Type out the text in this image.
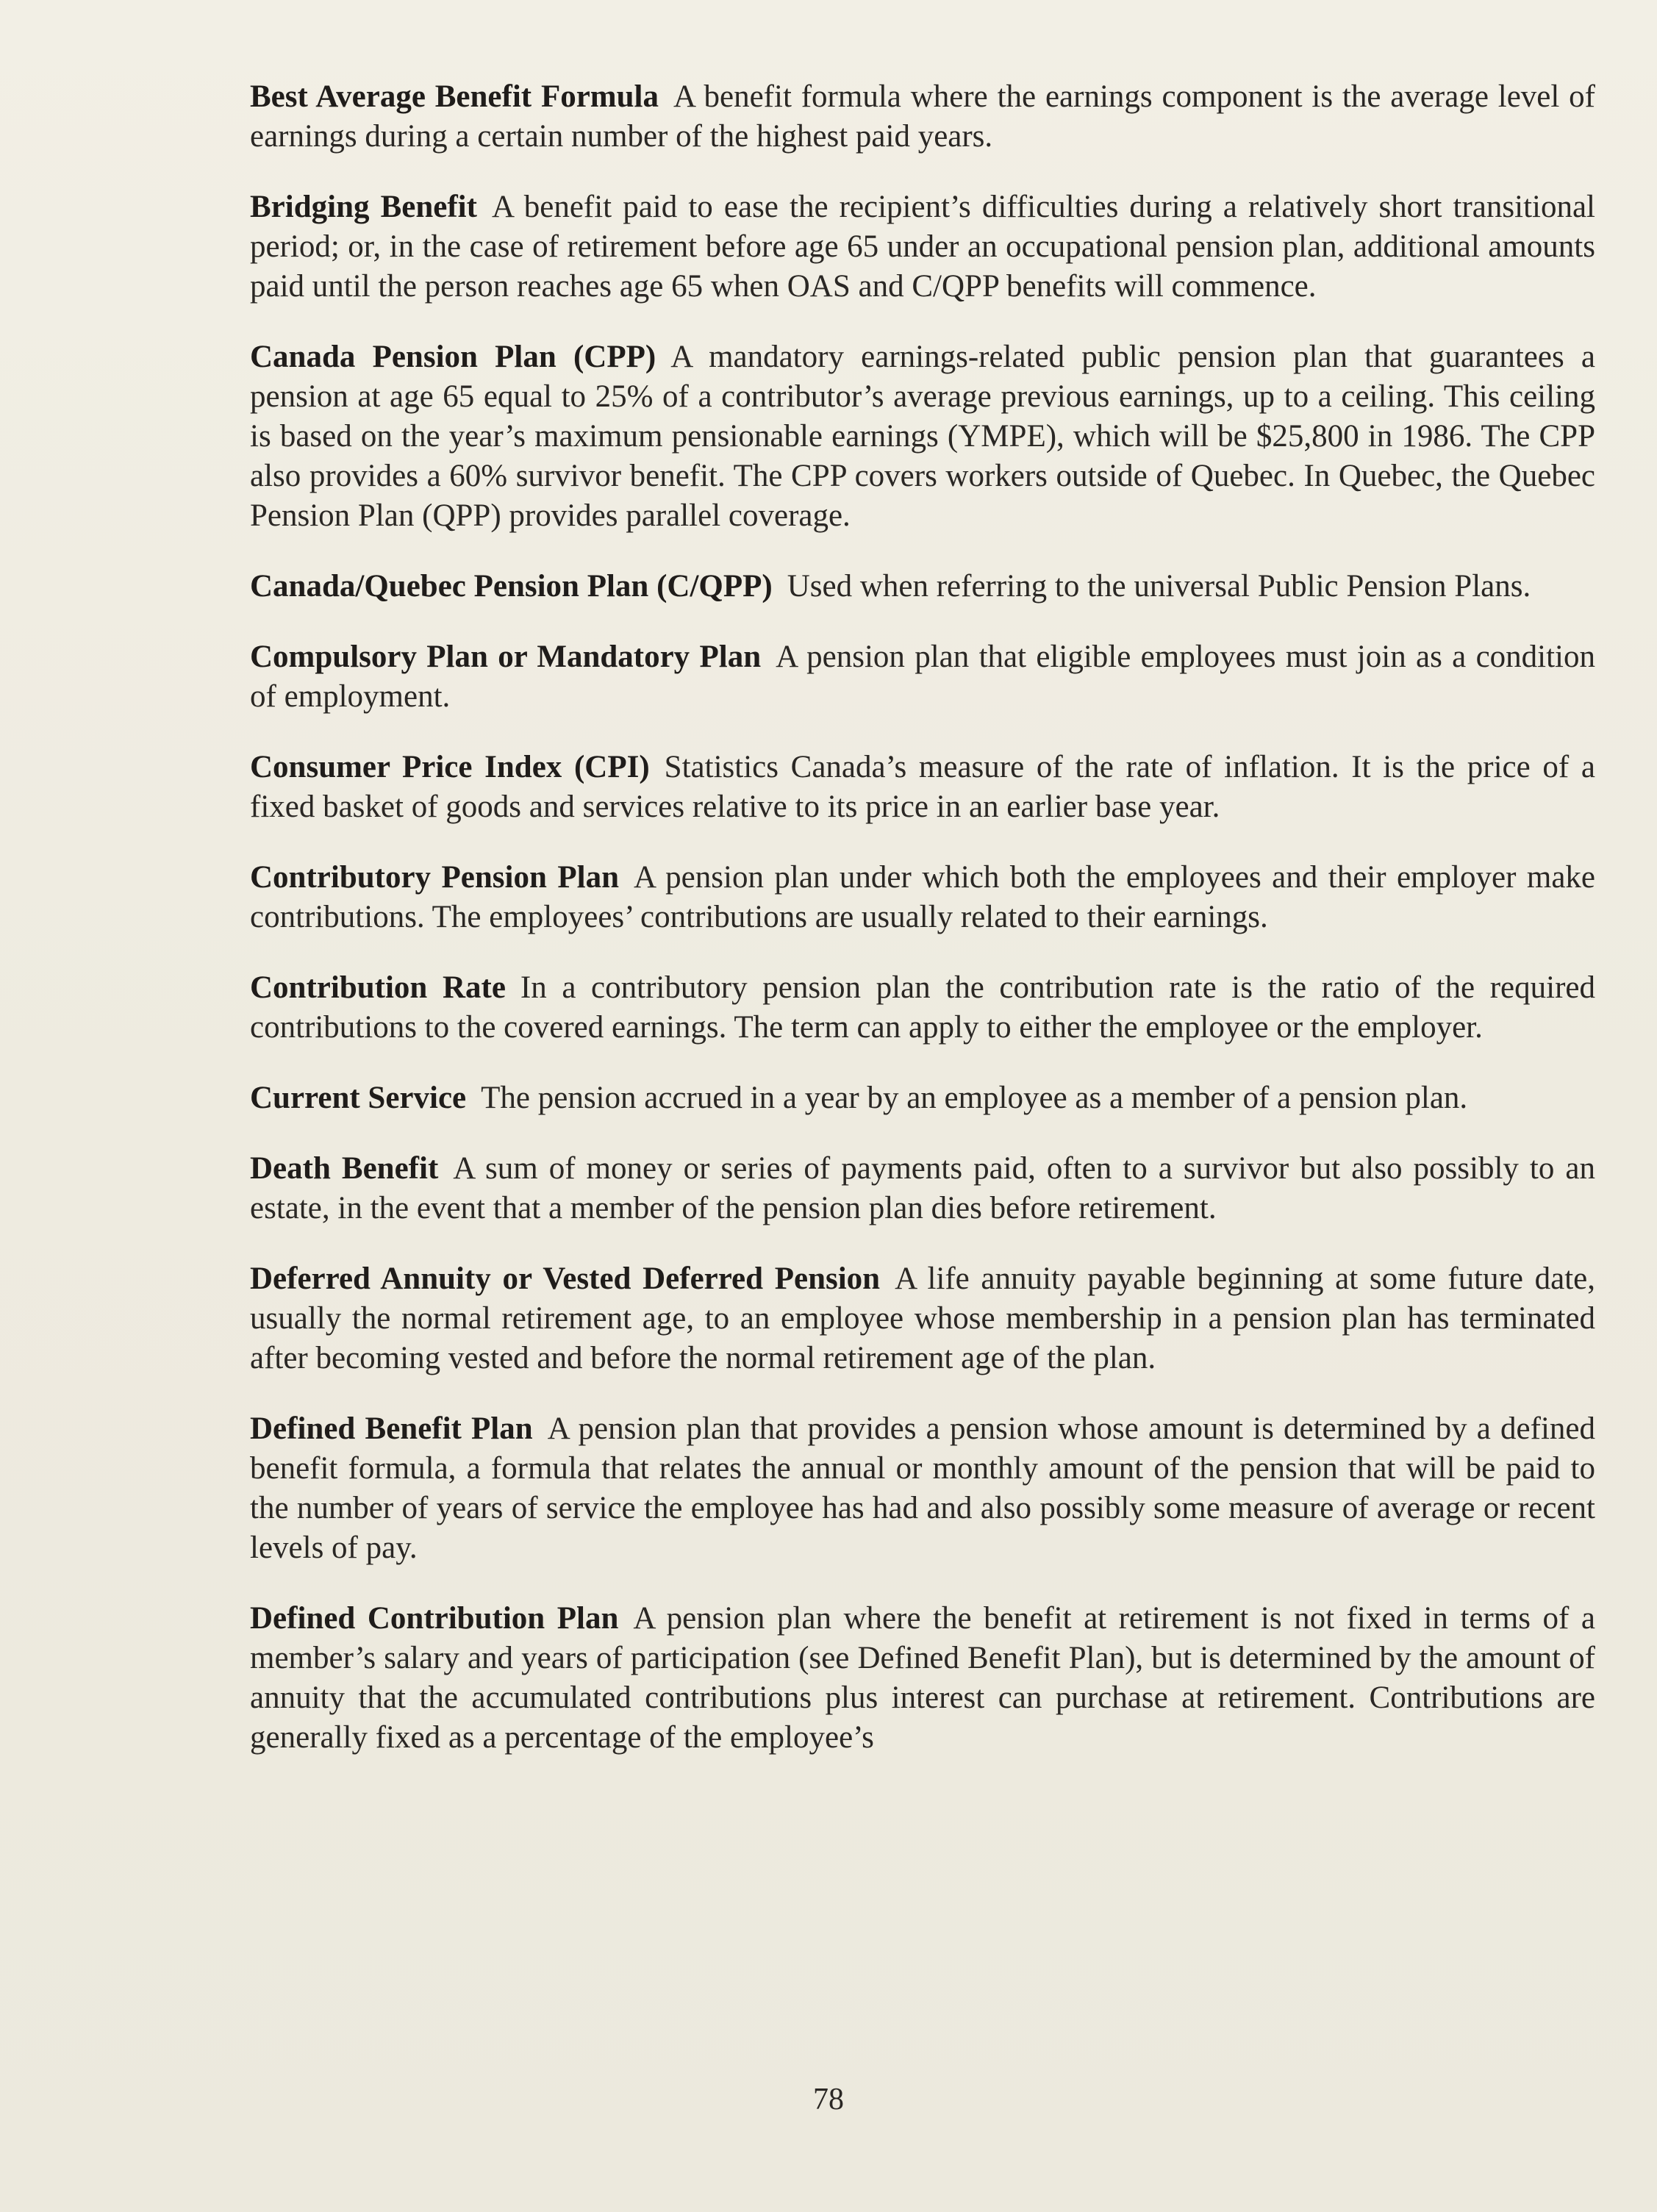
Best Average Benefit Formula A benefit formula where the earnings component is the average level of earnings during a certain number of the highest paid years.

Bridging Benefit A benefit paid to ease the recipient’s difficulties during a relatively short transitional period; or, in the case of retirement before age 65 under an occupational pension plan, additional amounts paid until the person reaches age 65 when OAS and C/QPP benefits will commence.

Canada Pension Plan (CPP) A mandatory earnings-related public pension plan that guarantees a pension at age 65 equal to 25% of a contributor’s average previous earnings, up to a ceiling. This ceiling is based on the year’s maximum pensionable earnings (YMPE), which will be $25,800 in 1986. The CPP also provides a 60% survivor benefit. The CPP covers workers outside of Quebec. In Quebec, the Quebec Pension Plan (QPP) provides parallel coverage.

Canada/Quebec Pension Plan (C/QPP) Used when referring to the universal Public Pension Plans.

Compulsory Plan or Mandatory Plan A pension plan that eligible employees must join as a condition of employment.

Consumer Price Index (CPI) Statistics Canada’s measure of the rate of inflation. It is the price of a fixed basket of goods and services relative to its price in an earlier base year.

Contributory Pension Plan A pension plan under which both the employees and their employer make contributions. The employees’ contributions are usually related to their earnings.

Contribution Rate In a contributory pension plan the contribution rate is the ratio of the required contributions to the covered earnings. The term can apply to either the employee or the employer.

Current Service The pension accrued in a year by an employee as a member of a pension plan.

Death Benefit A sum of money or series of payments paid, often to a survivor but also possibly to an estate, in the event that a member of the pension plan dies before retirement.

Deferred Annuity or Vested Deferred Pension A life annuity payable beginning at some future date, usually the normal retirement age, to an employee whose membership in a pension plan has terminated after becoming vested and before the normal retirement age of the plan.

Defined Benefit Plan A pension plan that provides a pension whose amount is determined by a defined benefit formula, a formula that relates the annual or monthly amount of the pension that will be paid to the number of years of service the employee has had and also possibly some measure of average or recent levels of pay.

Defined Contribution Plan A pension plan where the benefit at retirement is not fixed in terms of a member’s salary and years of participation (see Defined Benefit Plan), but is determined by the amount of annuity that the accumulated contributions plus interest can purchase at retirement. Contributions are generally fixed as a percentage of the employee’s

78
